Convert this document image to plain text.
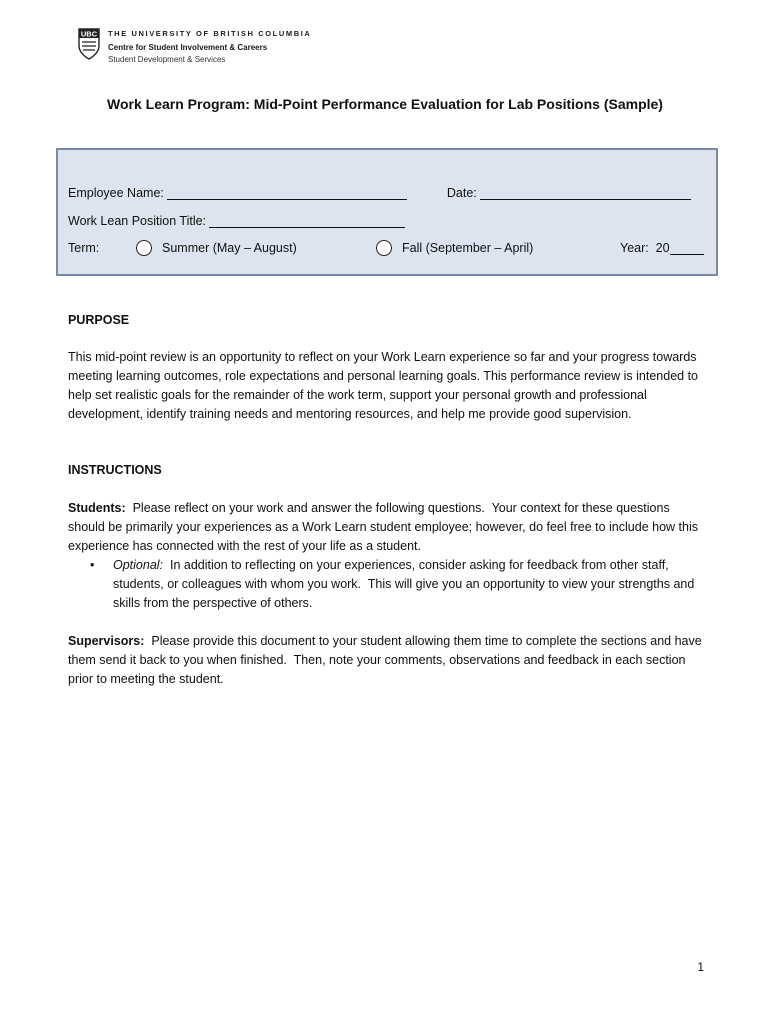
UBC THE UNIVERSITY OF BRITISH COLUMBIA
Centre for Student Involvement & Careers
Student Development & Services
Work Learn Program: Mid-Point Performance Evaluation for Lab Positions (Sample)
Employee Name:	Date:
Work Lean Position Title:
Term:	Summer (May – August)	Fall (September – April)	Year:  20
PURPOSE

This mid-point review is an opportunity to reflect on your Work Learn experience so far and your progress towards meeting learning outcomes, role expectations and personal learning goals. This performance review is intended to help set realistic goals for the remainder of the work term, support your personal growth and professional development, identify training needs and mentoring resources, and help me provide good supervision.

INSTRUCTIONS

Students:  Please reflect on your work and answer the following questions.  Your context for these questions should be primarily your experiences as a Work Learn student employee; however, do feel free to include how this experience has connected with the rest of your life as a student.

•	Optional:  In addition to reflecting on your experiences, consider asking for feedback from other staff, students, or colleagues with whom you work.  This will give you an opportunity to view your strengths and skills from the perspective of others.

Supervisors:  Please provide this document to your student allowing them time to complete the sections and have them send it back to you when finished.  Then, note your comments, observations and feedback in each section prior to meeting the student.

1
